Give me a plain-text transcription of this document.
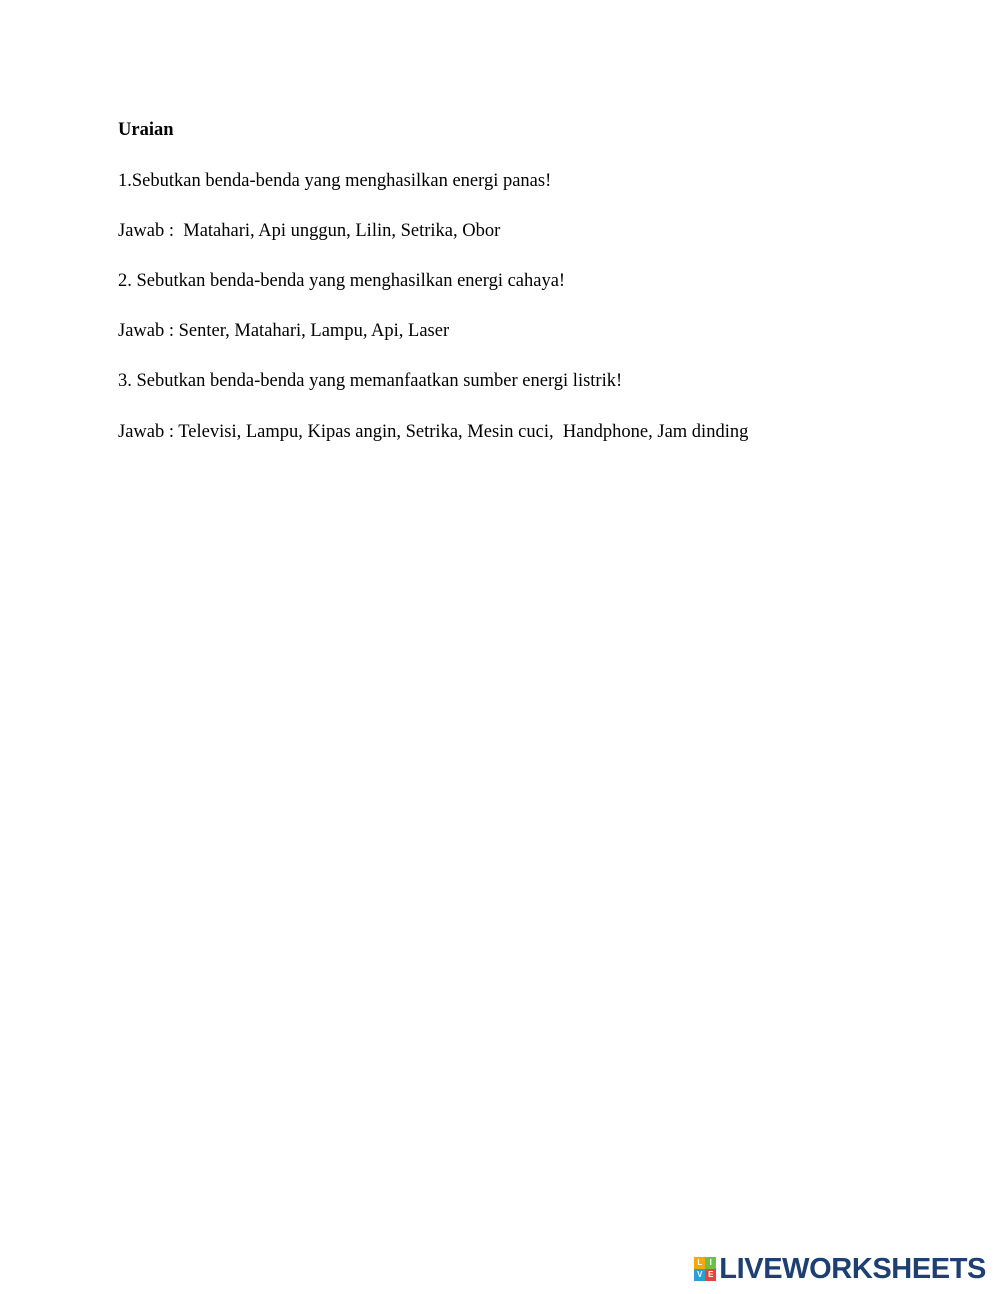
Uraian
1.Sebutkan benda-benda yang menghasilkan energi panas!
Jawab :  Matahari, Api unggun, Lilin, Setrika, Obor
2. Sebutkan benda-benda yang menghasilkan energi cahaya!
Jawab : Senter, Matahari, Lampu, Api, Laser
3. Sebutkan benda-benda yang memanfaatkan sumber energi listrik!
Jawab : Televisi, Lampu, Kipas angin, Setrika, Mesin cuci,  Handphone, Jam dinding
L I
V E LIVEWORKSHEETS
